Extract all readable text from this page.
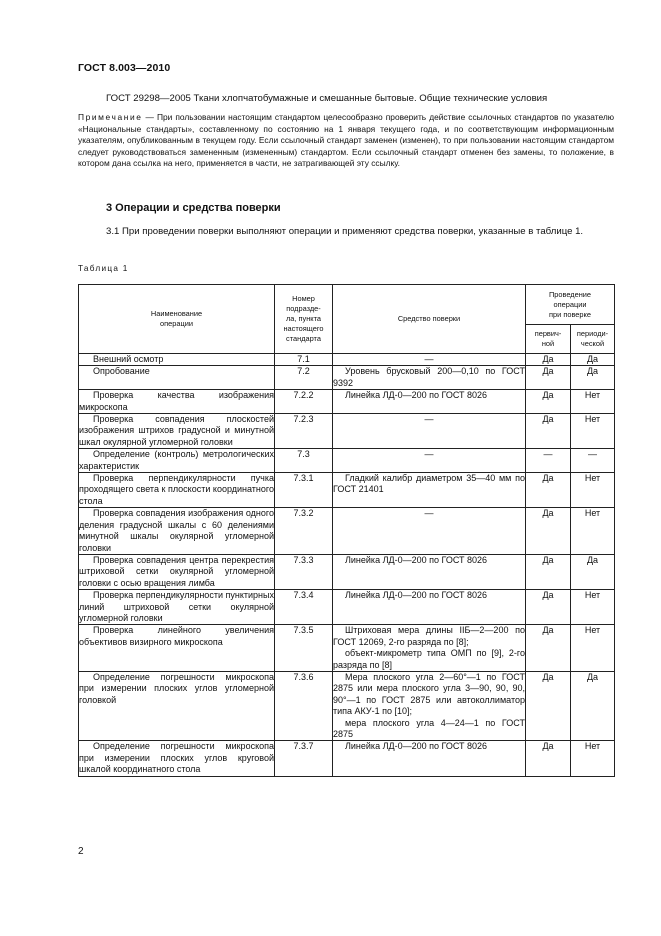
ГОСТ 8.003—2010
ГОСТ 29298—2005 Ткани хлопчатобумажные и смешанные бытовые. Общие технические условия
Примечание — При пользовании настоящим стандартом целесообразно проверить действие ссылочных стандартов по указателю «Национальные стандарты», составленному по состоянию на 1 января текущего года, и по соответствующим информационным указателям, опубликованным в текущем году. Если ссылочный стандарт заменен (изменен), то при пользовании настоящим стандартом следует руководствоваться замененным (измененным) стандартом. Если ссылочный стандарт отменен без замены, то положение, в котором дана ссылка на него, применяется в части, не затрагивающей эту ссылку.
3 Операции и средства поверки
3.1 При проведении поверки выполняют операции и применяют средства поверки, указанные в таблице 1.
Таблица 1
Наименование
операции	Номер
подразде-
ла, пункта
настоящего
стандарта	Средство поверки	Проведение
операции
при поверке	
			первич-
ной	периоди-
ческой

Внешний осмотр	7.1	—	Да	Да

Опробование	7.2	Уровень брусковый 200—0,10 по ГОСТ 9392	Да	Да

Проверка качества изображения микроскопа	7.2.2	Линейка ЛД-0—200 по ГОСТ 8026	Да	Нет

Проверка совпадения плоскостей изображения штрихов градусной и минутной шкал окулярной угломерной головки	7.2.3	—	Да	Нет

Определение (контроль) метрологических характеристик	7.3	—	—	—

Проверка перпендикулярности пучка проходящего света к плоскости координатного стола	7.3.1	Гладкий калибр диаметром 35—40 мм по ГОСТ 21401	Да	Нет

Проверка совпадения изображения одного деления градусной шкалы с 60 делениями минутной шкалы окулярной угломерной головки	7.3.2	—	Да	Нет

Проверка совпадения центра перекрестия штриховой сетки окулярной угломерной головки с осью вращения лимба	7.3.3	Линейка ЛД-0—200 по ГОСТ 8026	Да	Да

Проверка перпендикулярности пунктирных линий штриховой сетки окулярной угломерной головки	7.3.4	Линейка ЛД-0—200 по ГОСТ 8026	Да	Нет

Проверка линейного увеличения объективов визирного микроскопа	7.3.5	Штриховая мера длины IIБ—2—200 по ГОСТ 12069, 2-го разряда по [8];
объект-микрометр типа ОМП по [9], 2-го разряда по [8]	Да	Нет

Определение погрешности микроскопа при измерении плоских углов угломерной головкой	7.3.6	Мера плоского угла 2—60°—1 по ГОСТ 2875 или мера плоского угла 3—90, 90, 90, 90°—1 по ГОСТ 2875 или автоколлиматор типа АКУ-1 по [10];
мера плоского угла 4—24—1 по ГОСТ 2875	Да	Да

Определение погрешности микроскопа при измерении плоских углов круговой шкалой координатного стола	7.3.7	Линейка ЛД-0—200 по ГОСТ 8026	Да	Нет
2
